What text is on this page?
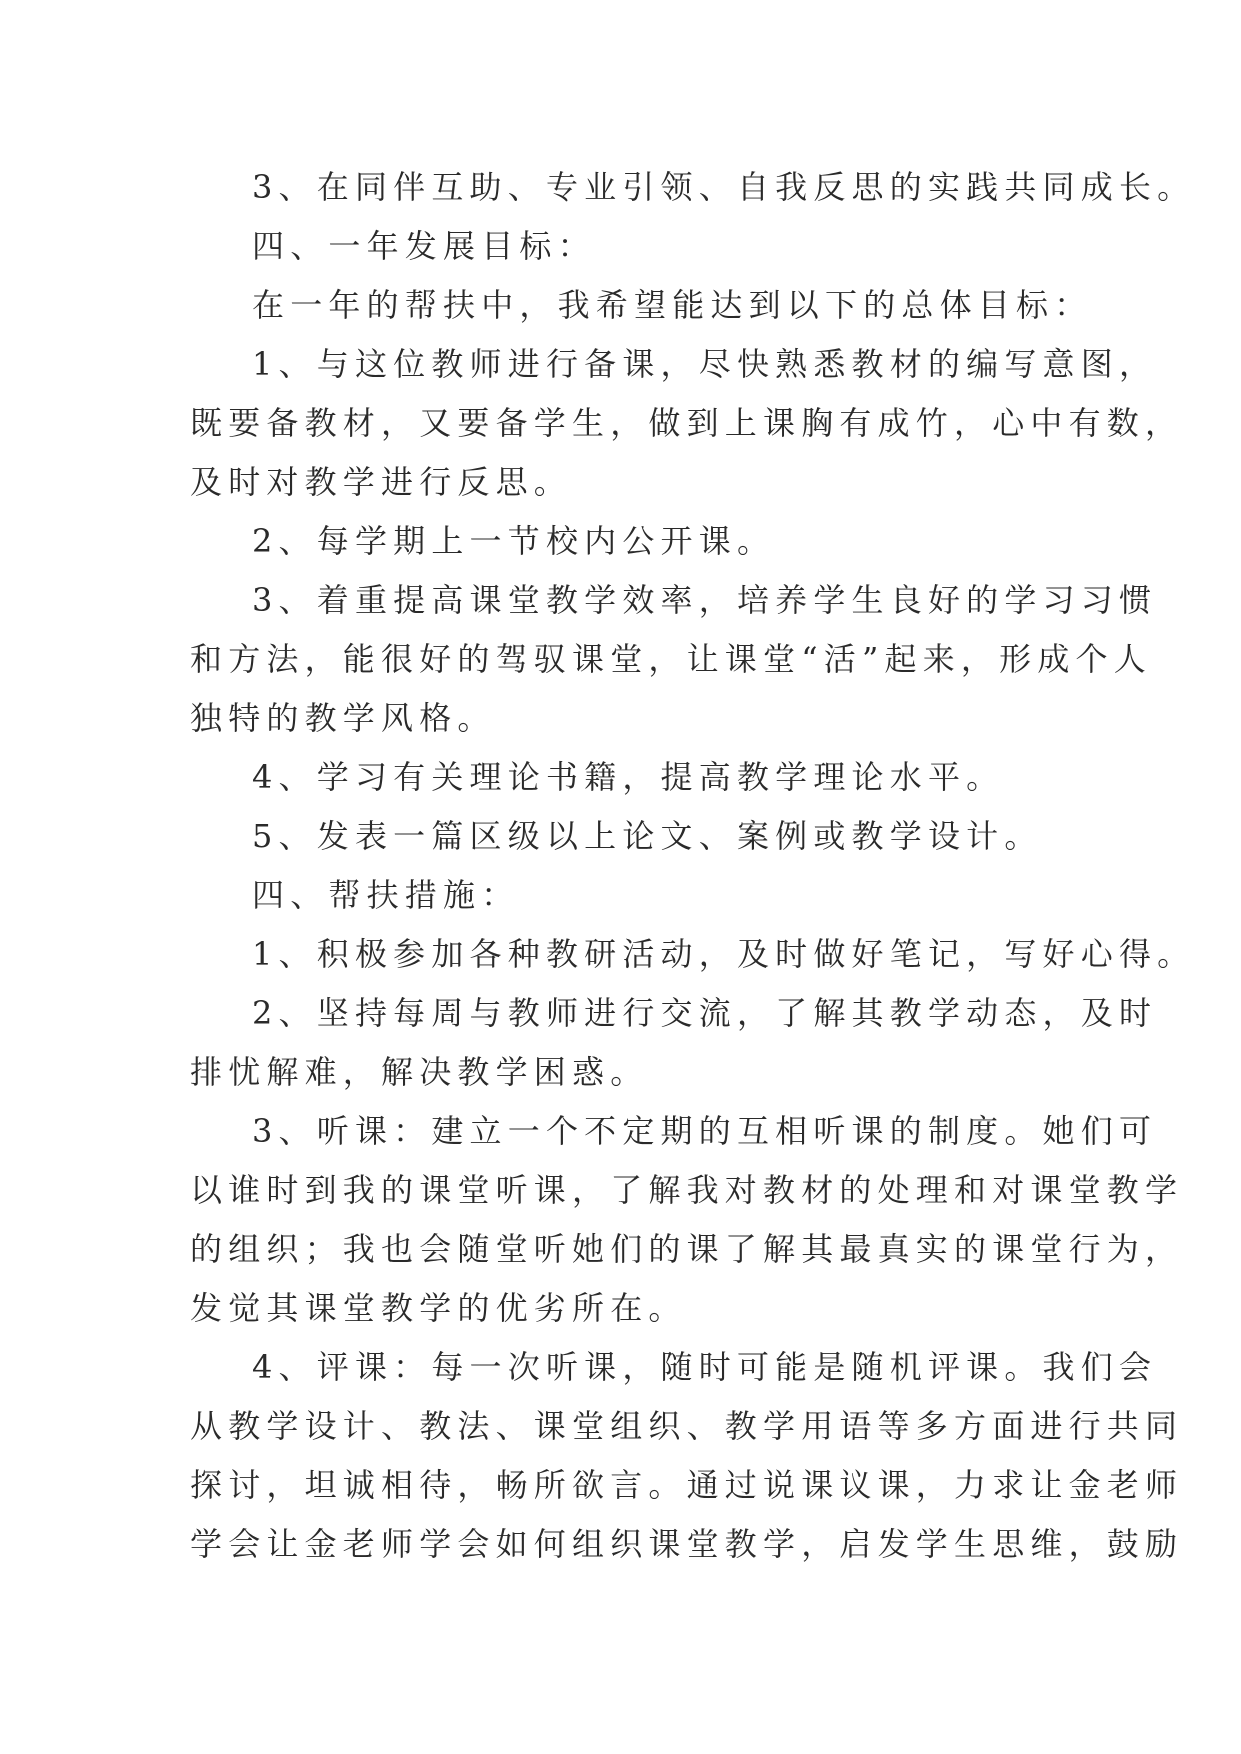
3、在同伴互助、专业引领、自我反思的实践共同成长。
四、一年发展目标：
在一年的帮扶中，我希望能达到以下的总体目标：
1、与这位教师进行备课，尽快熟悉教材的编写意图，
既要备教材，又要备学生，做到上课胸有成竹，心中有数，
及时对教学进行反思。
2、每学期上一节校内公开课。
3、着重提高课堂教学效率，培养学生良好的学习习惯
和方法，能很好的驾驭课堂，让课堂“活”起来，形成个人
独特的教学风格。
4、学习有关理论书籍，提高教学理论水平。
5、发表一篇区级以上论文、案例或教学设计。
四、帮扶措施：
1、积极参加各种教研活动，及时做好笔记，写好心得。
2、坚持每周与教师进行交流，了解其教学动态，及时
排忧解难，解决教学困惑。
3、听课：建立一个不定期的互相听课的制度。她们可
以谁时到我的课堂听课，了解我对教材的处理和对课堂教学
的组织；我也会随堂听她们的课了解其最真实的课堂行为，
发觉其课堂教学的优劣所在。
4、评课：每一次听课，随时可能是随机评课。我们会
从教学设计、教法、课堂组织、教学用语等多方面进行共同
探讨，坦诚相待，畅所欲言。通过说课议课，力求让金老师
学会让金老师学会如何组织课堂教学，启发学生思维，鼓励
